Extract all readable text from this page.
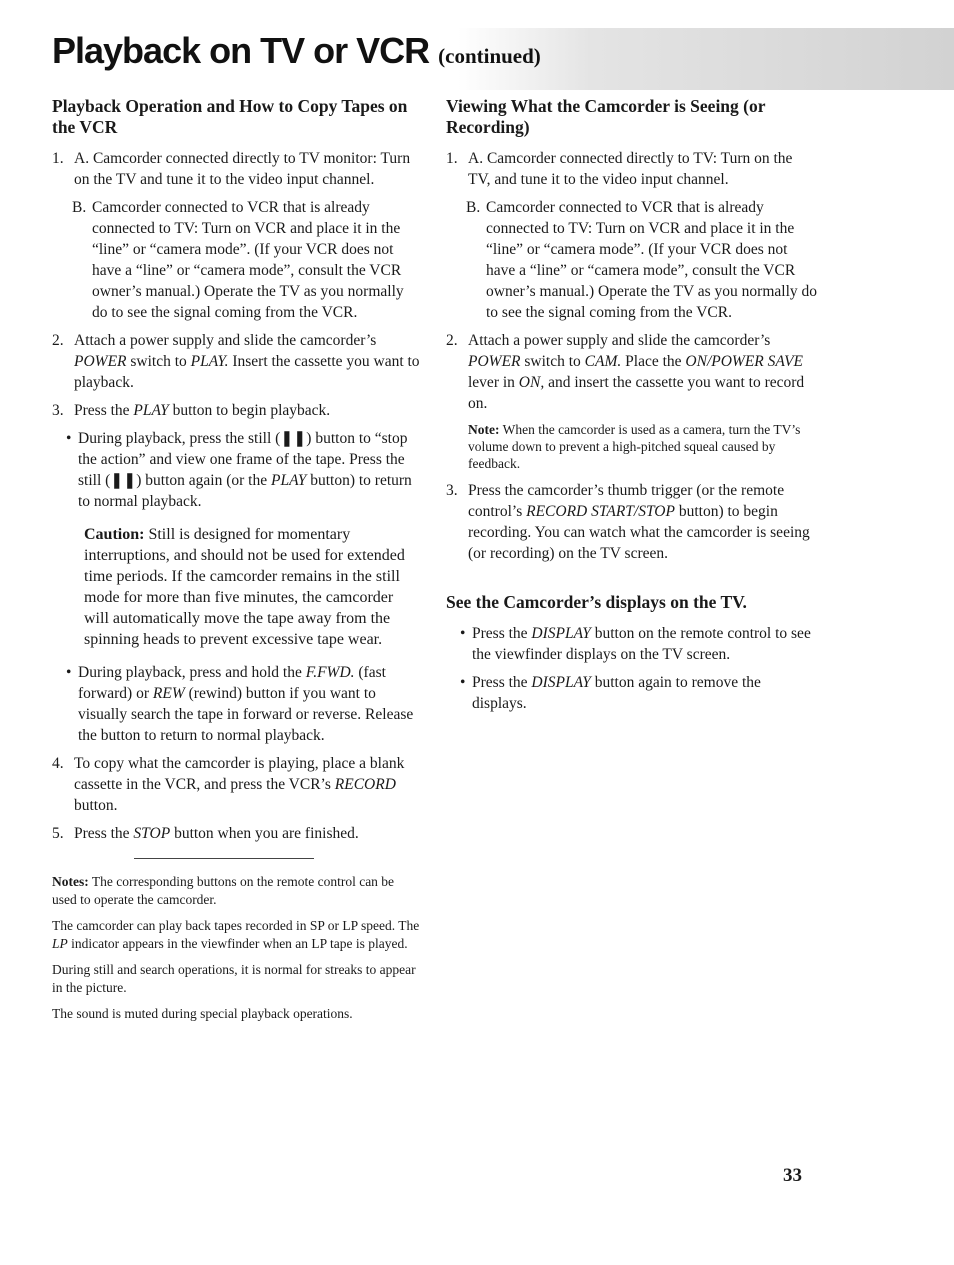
Playback on TV or VCR (continued)
Playback Operation and How to Copy Tapes on the VCR
1. A. Camcorder connected directly to TV monitor: Turn on the TV and tune it to the video input channel.
B. Camcorder connected to VCR that is already connected to TV: Turn on VCR and place it in the “line” or “camera mode”. (If your VCR does not have a “line” or “camera mode”, consult the VCR owner’s manual.) Operate the TV as you normally do to see the signal coming from the VCR.
2. Attach a power supply and slide the camcorder’s POWER switch to PLAY. Insert the cassette you want to playback.
3. Press the PLAY button to begin playback.
• During playback, press the still (❚❚) button to “stop the action” and view one frame of the tape. Press the still (❚❚) button again (or the PLAY button) to return to normal playback.
Caution: Still is designed for momentary interruptions, and should not be used for extended time periods. If the camcorder remains in the still mode for more than five minutes, the camcorder will automatically move the tape away from the spinning heads to prevent excessive tape wear.
• During playback, press and hold the F.FWD. (fast forward) or REW (rewind) button if you want to visually search the tape in forward or reverse. Release the button to return to normal playback.
4. To copy what the camcorder is playing, place a blank cassette in the VCR, and press the VCR’s RECORD button.
5. Press the STOP button when you are finished.

Notes: The corresponding buttons on the remote control can be used to operate the camcorder.

The camcorder can play back tapes recorded in SP or LP speed. The LP indicator appears in the viewfinder when an LP tape is played.

During still and search operations, it is normal for streaks to appear in the picture.

The sound is muted during special playback operations.

Viewing What the Camcorder is Seeing (or Recording)
1. A. Camcorder connected directly to TV: Turn on the TV, and tune it to the video input channel.
B. Camcorder connected to VCR that is already connected to TV: Turn on VCR and place it in the “line” or “camera mode”. (If your VCR does not have a “line” or “camera mode”, consult the VCR owner’s manual.) Operate the TV as you normally do to see the signal coming from the VCR.
2. Attach a power supply and slide the camcorder’s POWER switch to CAM. Place the ON/POWER SAVE lever in ON, and insert the cassette you want to record on.

Note: When the camcorder is used as a camera, turn the TV’s volume down to prevent a high-pitched squeal caused by feedback.

3. Press the camcorder’s thumb trigger (or the remote control’s RECORD START/STOP button) to begin recording. You can watch what the camcorder is seeing (or recording) on the TV screen.
See the Camcorder’s displays on the TV.
• Press the DISPLAY button on the remote control to see the viewfinder displays on the TV screen.
• Press the DISPLAY button again to remove the displays.
33
